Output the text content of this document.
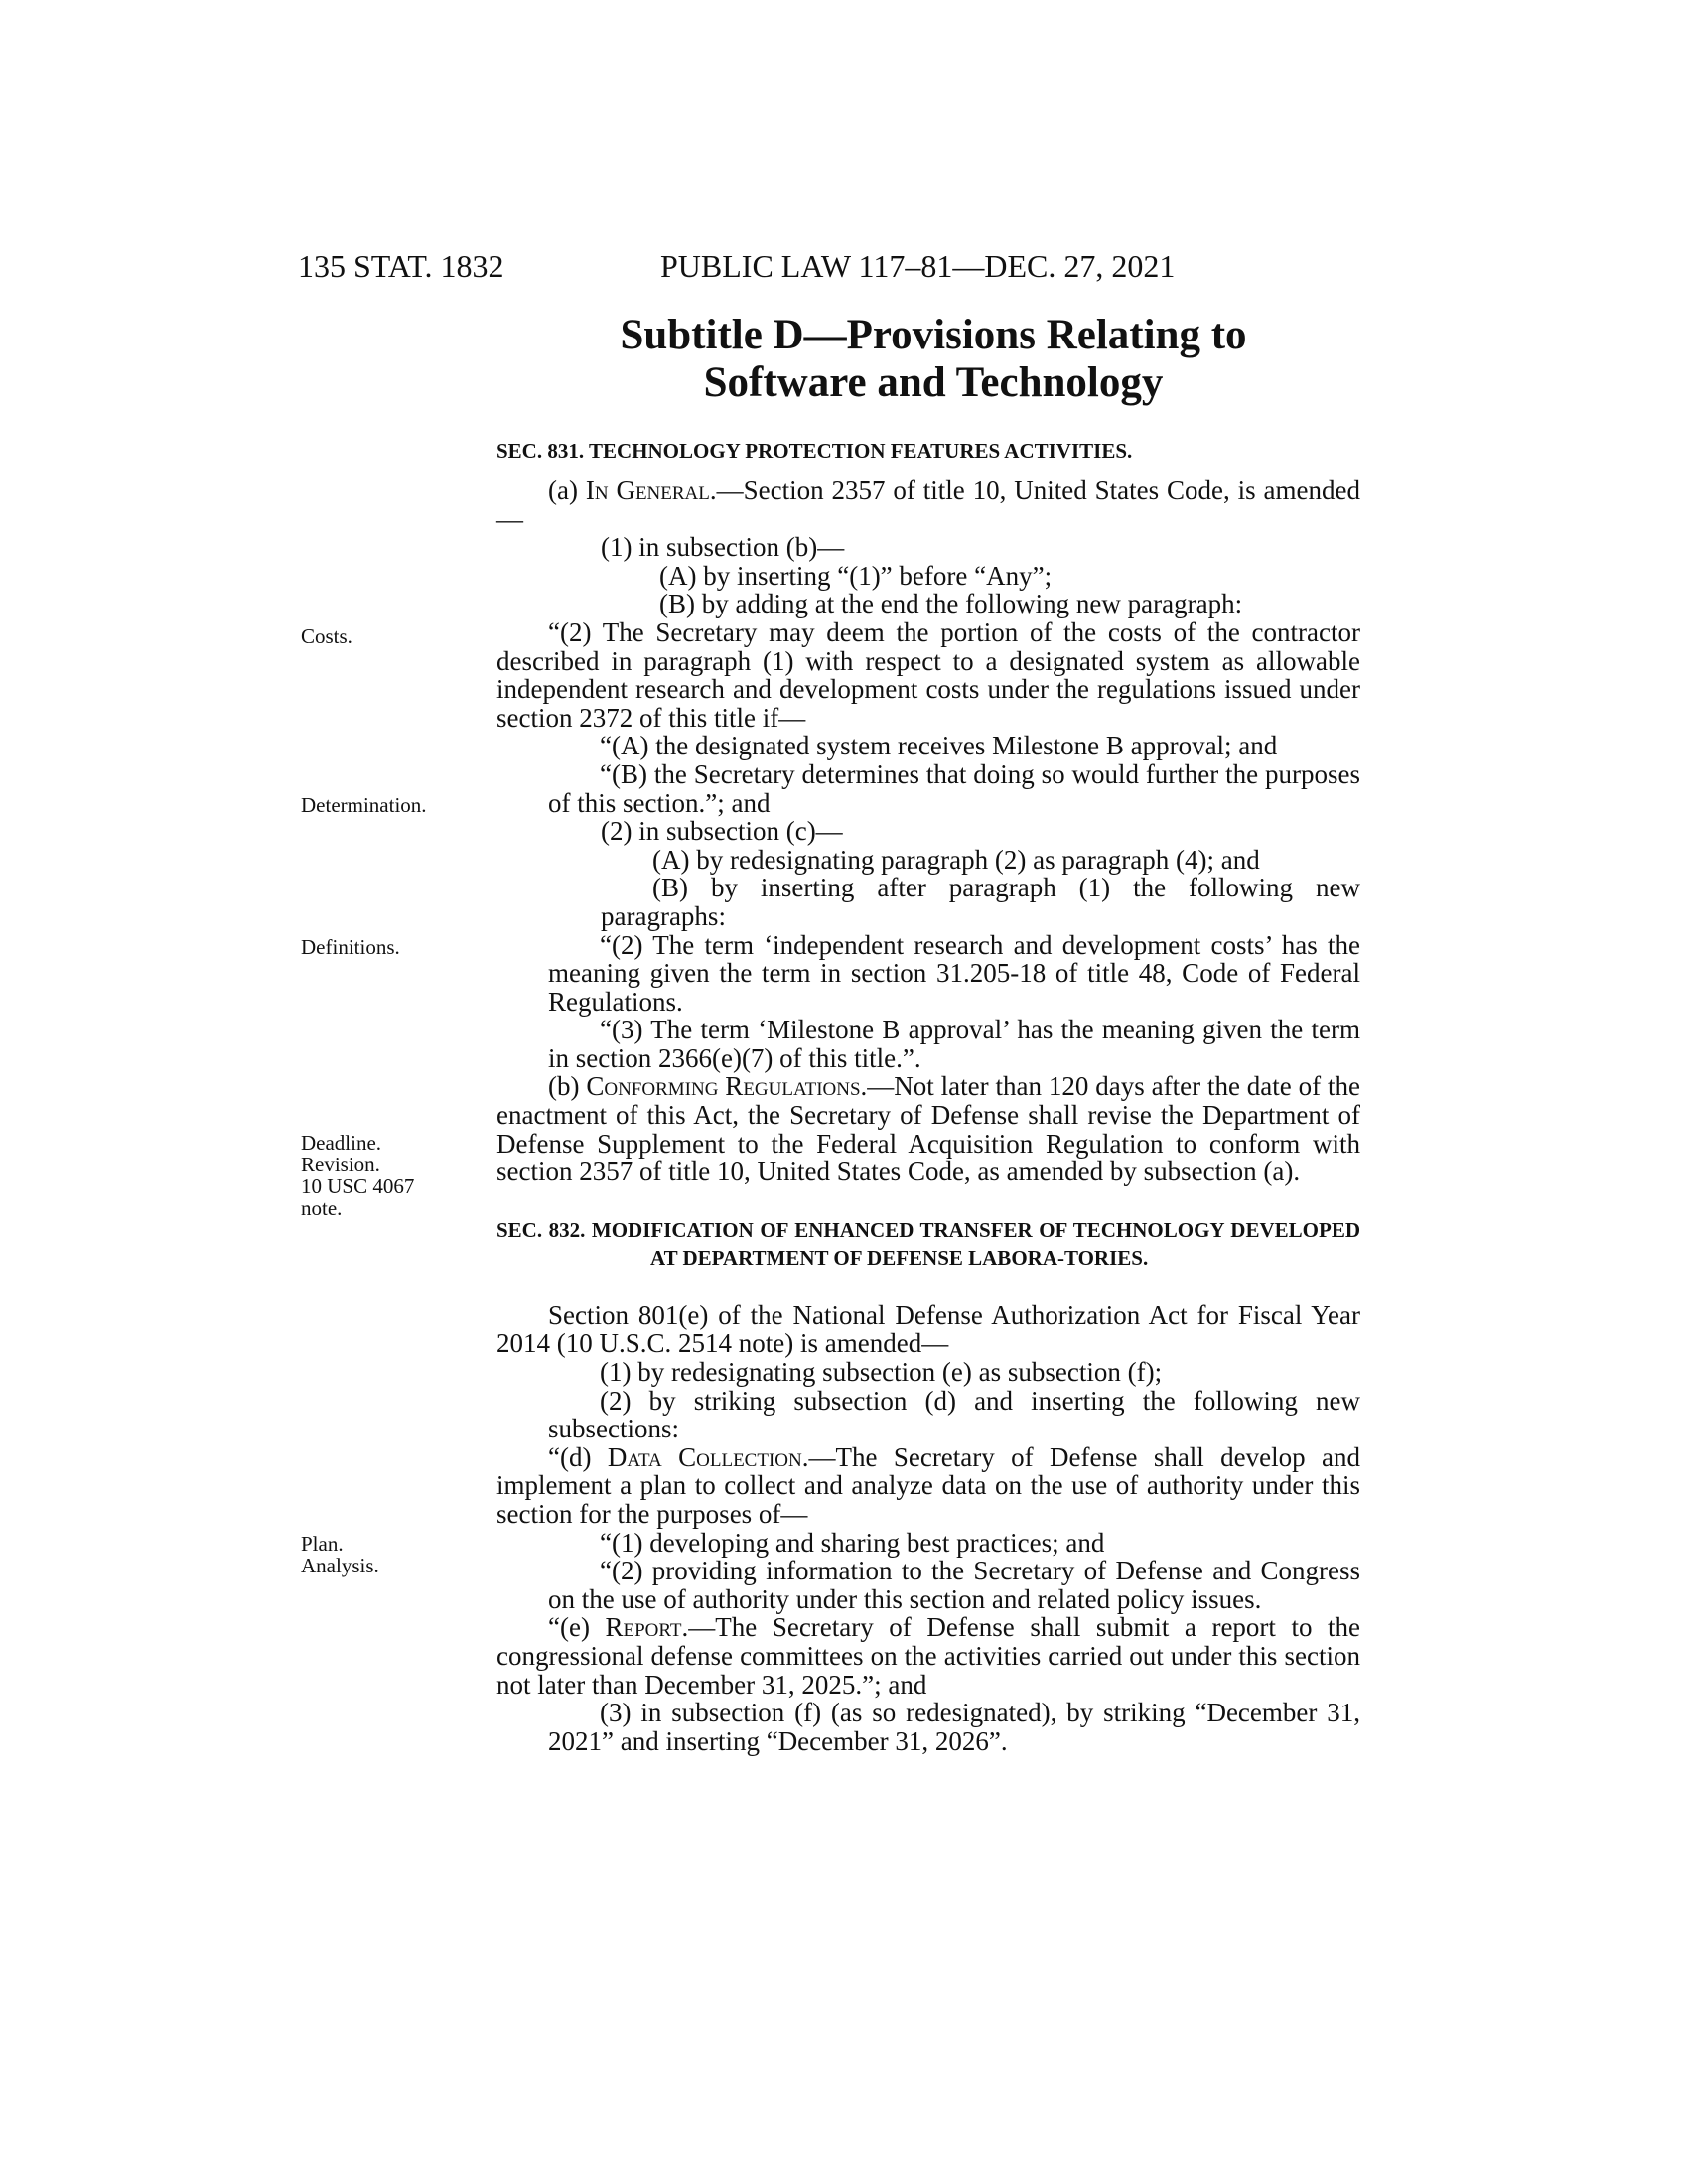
135 STAT. 1832	PUBLIC LAW 117–81—DEC. 27, 2021
Subtitle D—Provisions Relating to
Software and Technology
Costs.
Determination.
Definitions.
Deadline.
Revision.
10 USC 4067
note.
Plan.
Analysis.
SEC. 831. TECHNOLOGY PROTECTION FEATURES ACTIVITIES.

(a) In General.—Section 2357 of title 10, United States Code, is amended—

(1) in subsection (b)—

(A) by inserting “(1)” before “Any”;

(B) by adding at the end the following new paragraph:

“(2) The Secretary may deem the portion of the costs of the contractor described in paragraph (1) with respect to a designated system as allowable independent research and development costs under the regulations issued under section 2372 of this title if—

“(A) the designated system receives Milestone B approval; and

“(B) the Secretary determines that doing so would further the purposes of this section.”; and

(2) in subsection (c)—

(A) by redesignating paragraph (2) as paragraph (4); and

(B) by inserting after paragraph (1) the following new paragraphs:

“(2) The term ‘independent research and development costs’ has the meaning given the term in section 31.205-18 of title 48, Code of Federal Regulations.

“(3) The term ‘Milestone B approval’ has the meaning given the term in section 2366(e)(7) of this title.”.

(b) Conforming Regulations.—Not later than 120 days after the date of the enactment of this Act, the Secretary of Defense shall revise the Department of Defense Supplement to the Federal Acquisition Regulation to conform with section 2357 of title 10, United States Code, as amended by subsection (a).

SEC. 832. MODIFICATION OF ENHANCED TRANSFER OF TECHNOLOGY DEVELOPED AT DEPARTMENT OF DEFENSE LABORA-TORIES.

Section 801(e) of the National Defense Authorization Act for Fiscal Year 2014 (10 U.S.C. 2514 note) is amended—

(1) by redesignating subsection (e) as subsection (f);

(2) by striking subsection (d) and inserting the following new subsections:

“(d) Data Collection.—The Secretary of Defense shall develop and implement a plan to collect and analyze data on the use of authority under this section for the purposes of—

“(1) developing and sharing best practices; and

“(2) providing information to the Secretary of Defense and Congress on the use of authority under this section and related policy issues.

“(e) Report.—The Secretary of Defense shall submit a report to the congressional defense committees on the activities carried out under this section not later than December 31, 2025.”; and

(3) in subsection (f) (as so redesignated), by striking “December 31, 2021” and inserting “December 31, 2026”.
